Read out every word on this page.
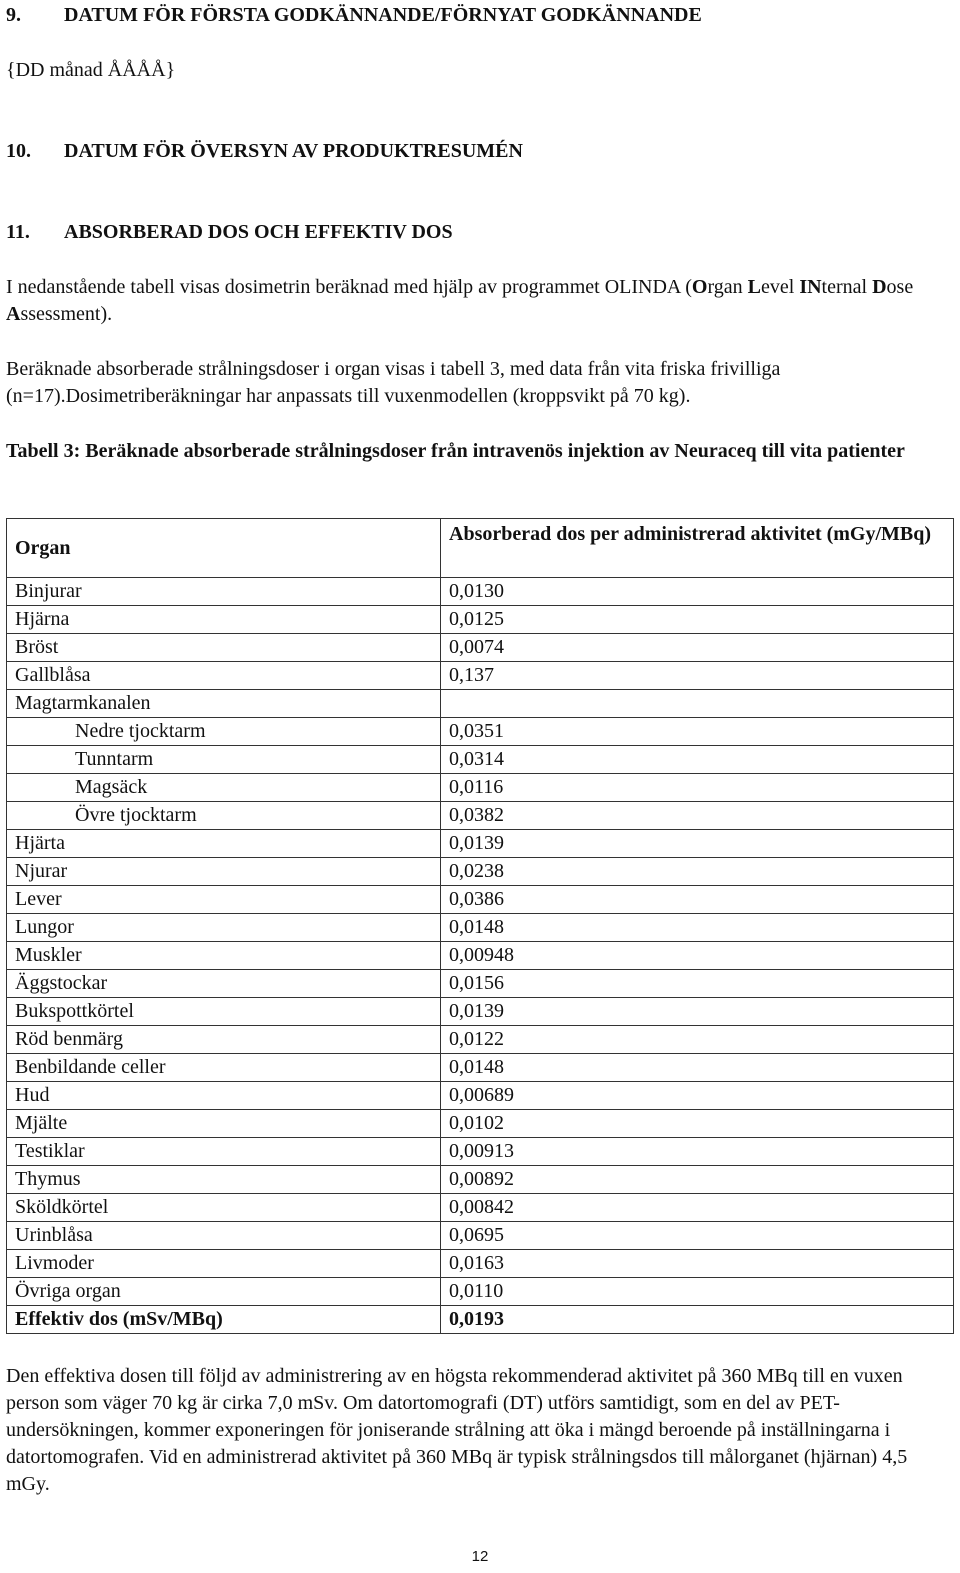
9. DATUM FÖR FÖRSTA GODKÄNNANDE/FÖRNYAT GODKÄNNANDE
{DD månad ÅÅÅÅ}
10. DATUM FÖR ÖVERSYN AV PRODUKTRESUMÉN
11. ABSORBERAD DOS OCH EFFEKTIV DOS

I nedanstående tabell visas dosimetrin beräknad med hjälp av programmet OLINDA (Organ Level INternal Dose Assessment).

Beräknade absorberade strålningsdoser i organ visas i tabell 3, med data från vita friska frivilliga (n=17).Dosimetriberäkningar har anpassats till vuxenmodellen (kroppsvikt på 70 kg).

Tabell 3: Beräknade absorberade strålningsdoser från intravenös injektion av Neuraceq till vita patienter

Organ	Absorberad dos per administrerad aktivitet (mGy/MBq)
Binjurar	0,0130
Hjärna	0,0125
Bröst	0,0074
Gallblåsa	0,137
Magtarmkanalen	
Nedre tjocktarm	0,0351
Tunntarm	0,0314
Magsäck	0,0116
Övre tjocktarm	0,0382
Hjärta	0,0139
Njurar	0,0238
Lever	0,0386
Lungor	0,0148
Muskler	0,00948
Äggstockar	0,0156
Bukspottkörtel	0,0139
Röd benmärg	0,0122
Benbildande celler	0,0148
Hud	0,00689
Mjälte	0,0102
Testiklar	0,00913
Thymus	0,00892
Sköldkörtel	0,00842
Urinblåsa	0,0695
Livmoder	0,0163
Övriga organ	0,0110
Effektiv dos (mSv/MBq)	0,0193

Den effektiva dosen till följd av administrering av en högsta rekommenderad aktivitet på 360 MBq till en vuxen person som väger 70 kg är cirka 7,0 mSv. Om datortomografi (DT) utförs samtidigt, som en del av PET-undersökningen, kommer exponeringen för joniserande strålning att öka i mängd beroende på inställningarna i datortomografen. Vid en administrerad aktivitet på 360 MBq är typisk strålningsdos till målorganet (hjärnan) 4,5 mGy.

12
